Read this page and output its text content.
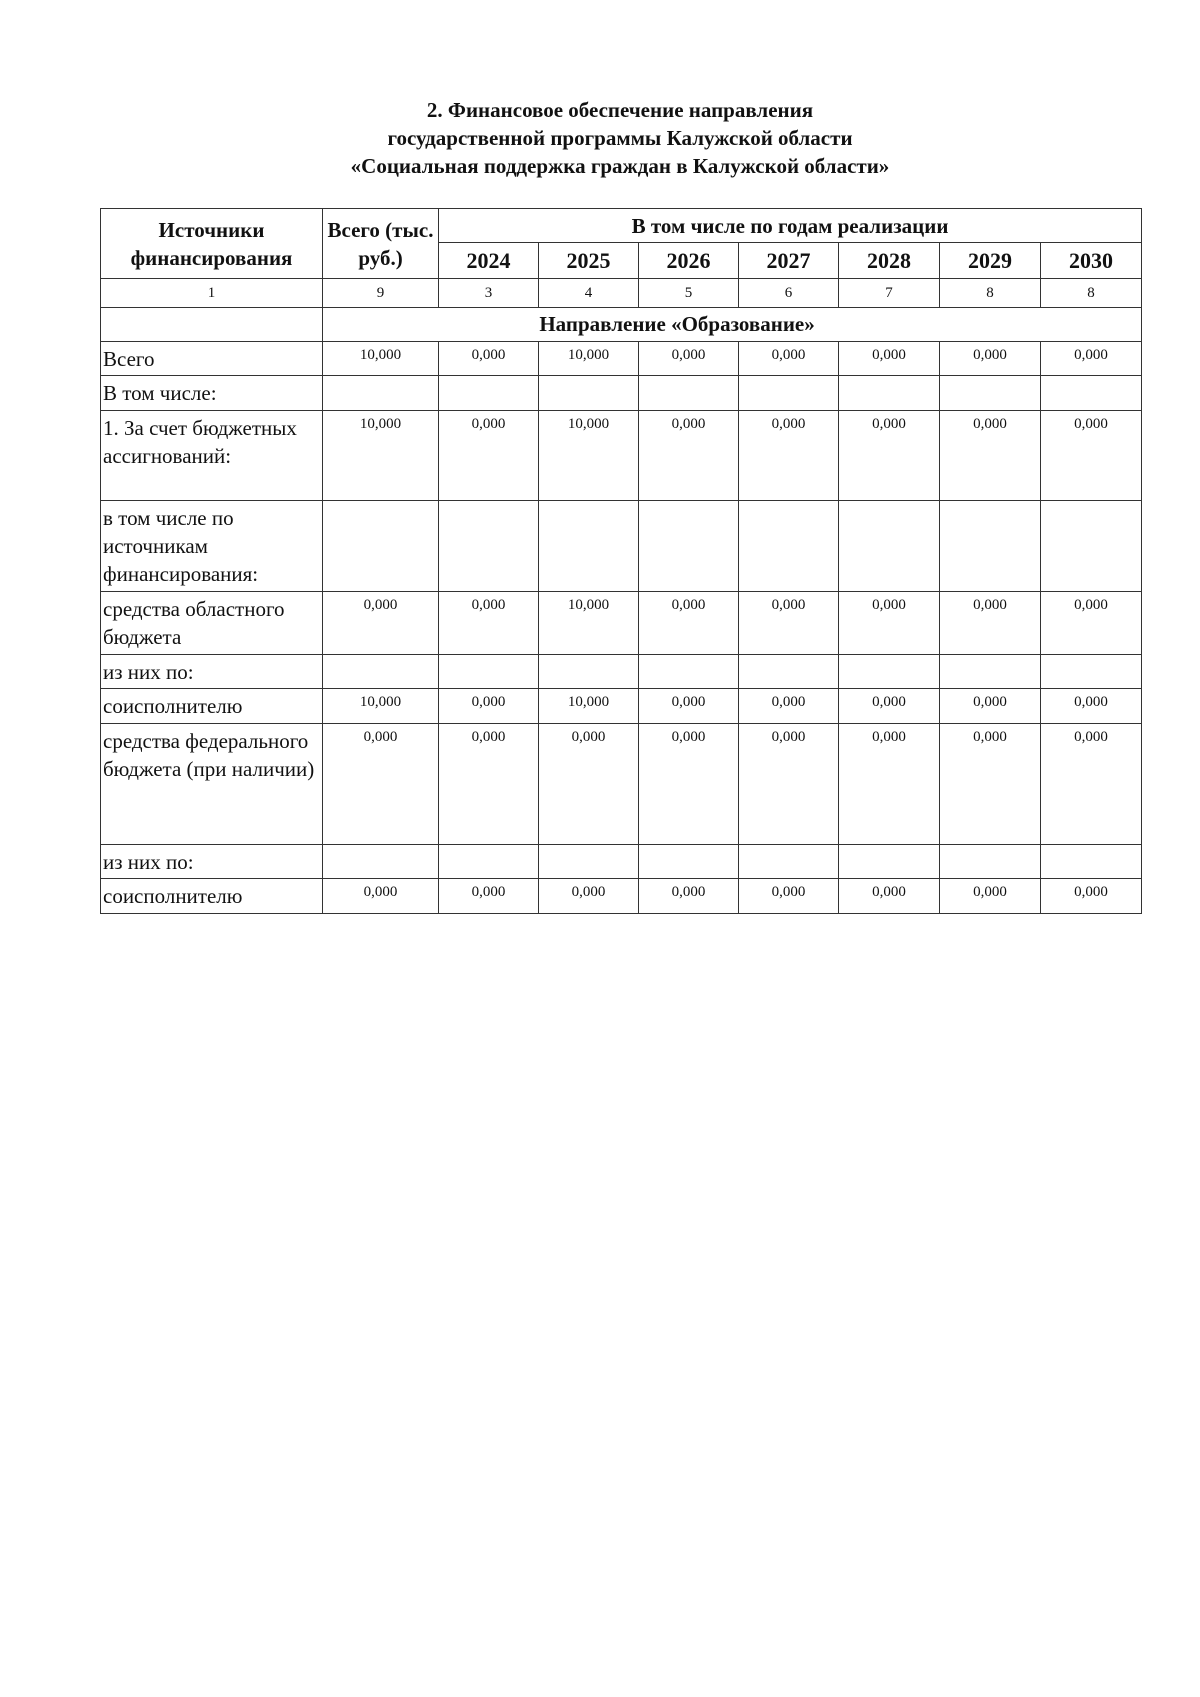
2. Финансовое обеспечение направления
государственной программы Калужской области
«Социальная поддержка граждан в Калужской области»
Источники финансирования	Всего (тыс. руб.)	В том числе по годам реализации						
		2024	2025	2026	2027	2028	2029	2030
1	9	3	4	5	6	7	8	8
	Направление «Образование»							
Всего	10,000	0,000	10,000	0,000	0,000	0,000	0,000	0,000
В том числе:								
1. За счет бюджетных ассигнований:	10,000	0,000	10,000	0,000	0,000	0,000	0,000	0,000
в том числе по источникам финансирования:								
средства областного бюджета	0,000	0,000	10,000	0,000	0,000	0,000	0,000	0,000
из них по:								
соисполнителю	10,000	0,000	10,000	0,000	0,000	0,000	0,000	0,000
средства федерального бюджета (при наличии)	0,000	0,000	0,000	0,000	0,000	0,000	0,000	0,000
из них по:								
соисполнителю	0,000	0,000	0,000	0,000	0,000	0,000	0,000	0,000
